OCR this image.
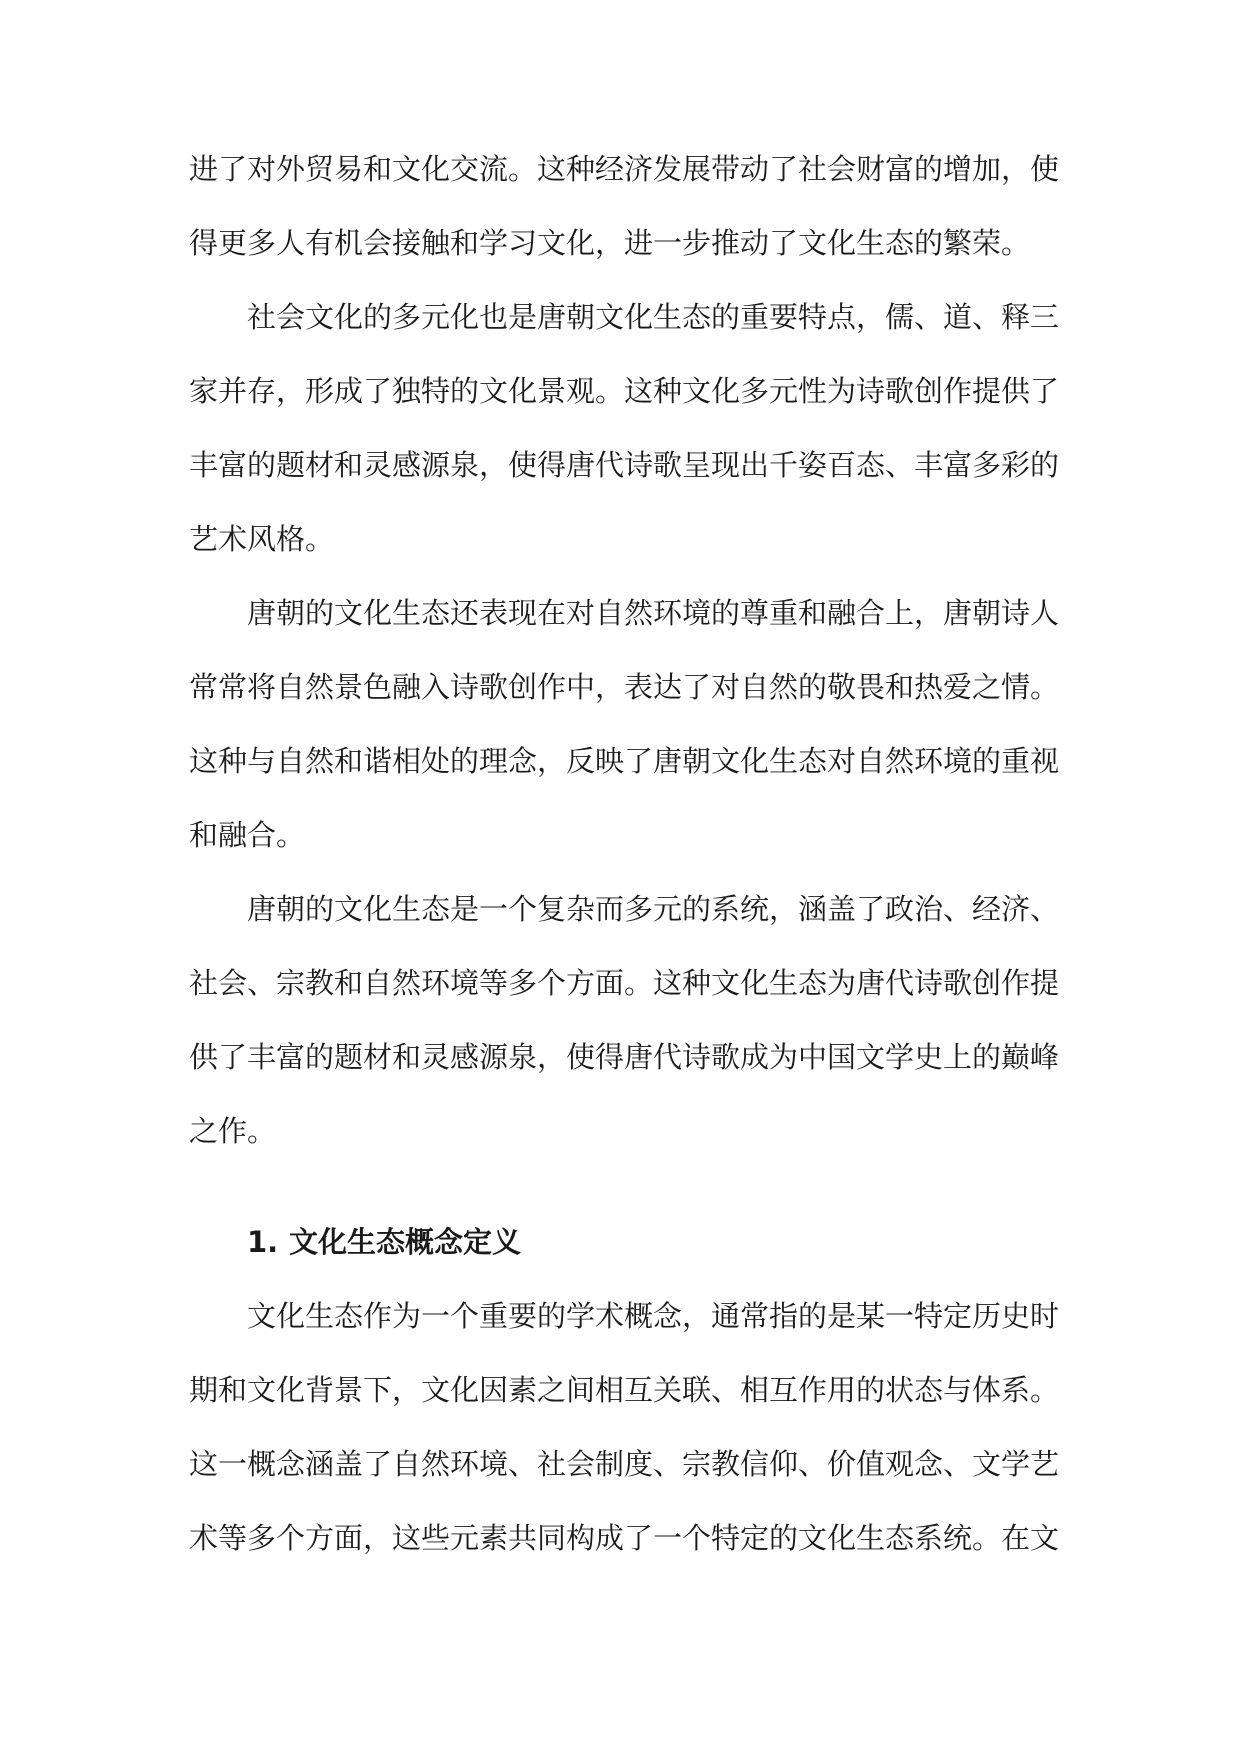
进了对外贸易和文化交流。这种经济发展带动了社会财富的增加，使得更多人有机会接触和学习文化，进一步推动了文化生态的繁荣。

社会文化的多元化也是唐朝文化生态的重要特点，儒、道、释三家并存，形成了独特的文化景观。这种文化多元性为诗歌创作提供了丰富的题材和灵感源泉，使得唐代诗歌呈现出千姿百态、丰富多彩的艺术风格。

唐朝的文化生态还表现在对自然环境的尊重和融合上，唐朝诗人常常将自然景色融入诗歌创作中，表达了对自然的敬畏和热爱之情。这种与自然和谐相处的理念，反映了唐朝文化生态对自然环境的重视和融合。

唐朝的文化生态是一个复杂而多元的系统，涵盖了政治、经济、社会、宗教和自然环境等多个方面。这种文化生态为唐代诗歌创作提供了丰富的题材和灵感源泉，使得唐代诗歌成为中国文学史上的巅峰之作。

1. 文化生态概念定义

文化生态作为一个重要的学术概念，通常指的是某一特定历史时期和文化背景下，文化因素之间相互关联、相互作用的状态与体系。这一概念涵盖了自然环境、社会制度、宗教信仰、价值观念、文学艺术等多个方面，这些元素共同构成了一个特定的文化生态系统。在文
